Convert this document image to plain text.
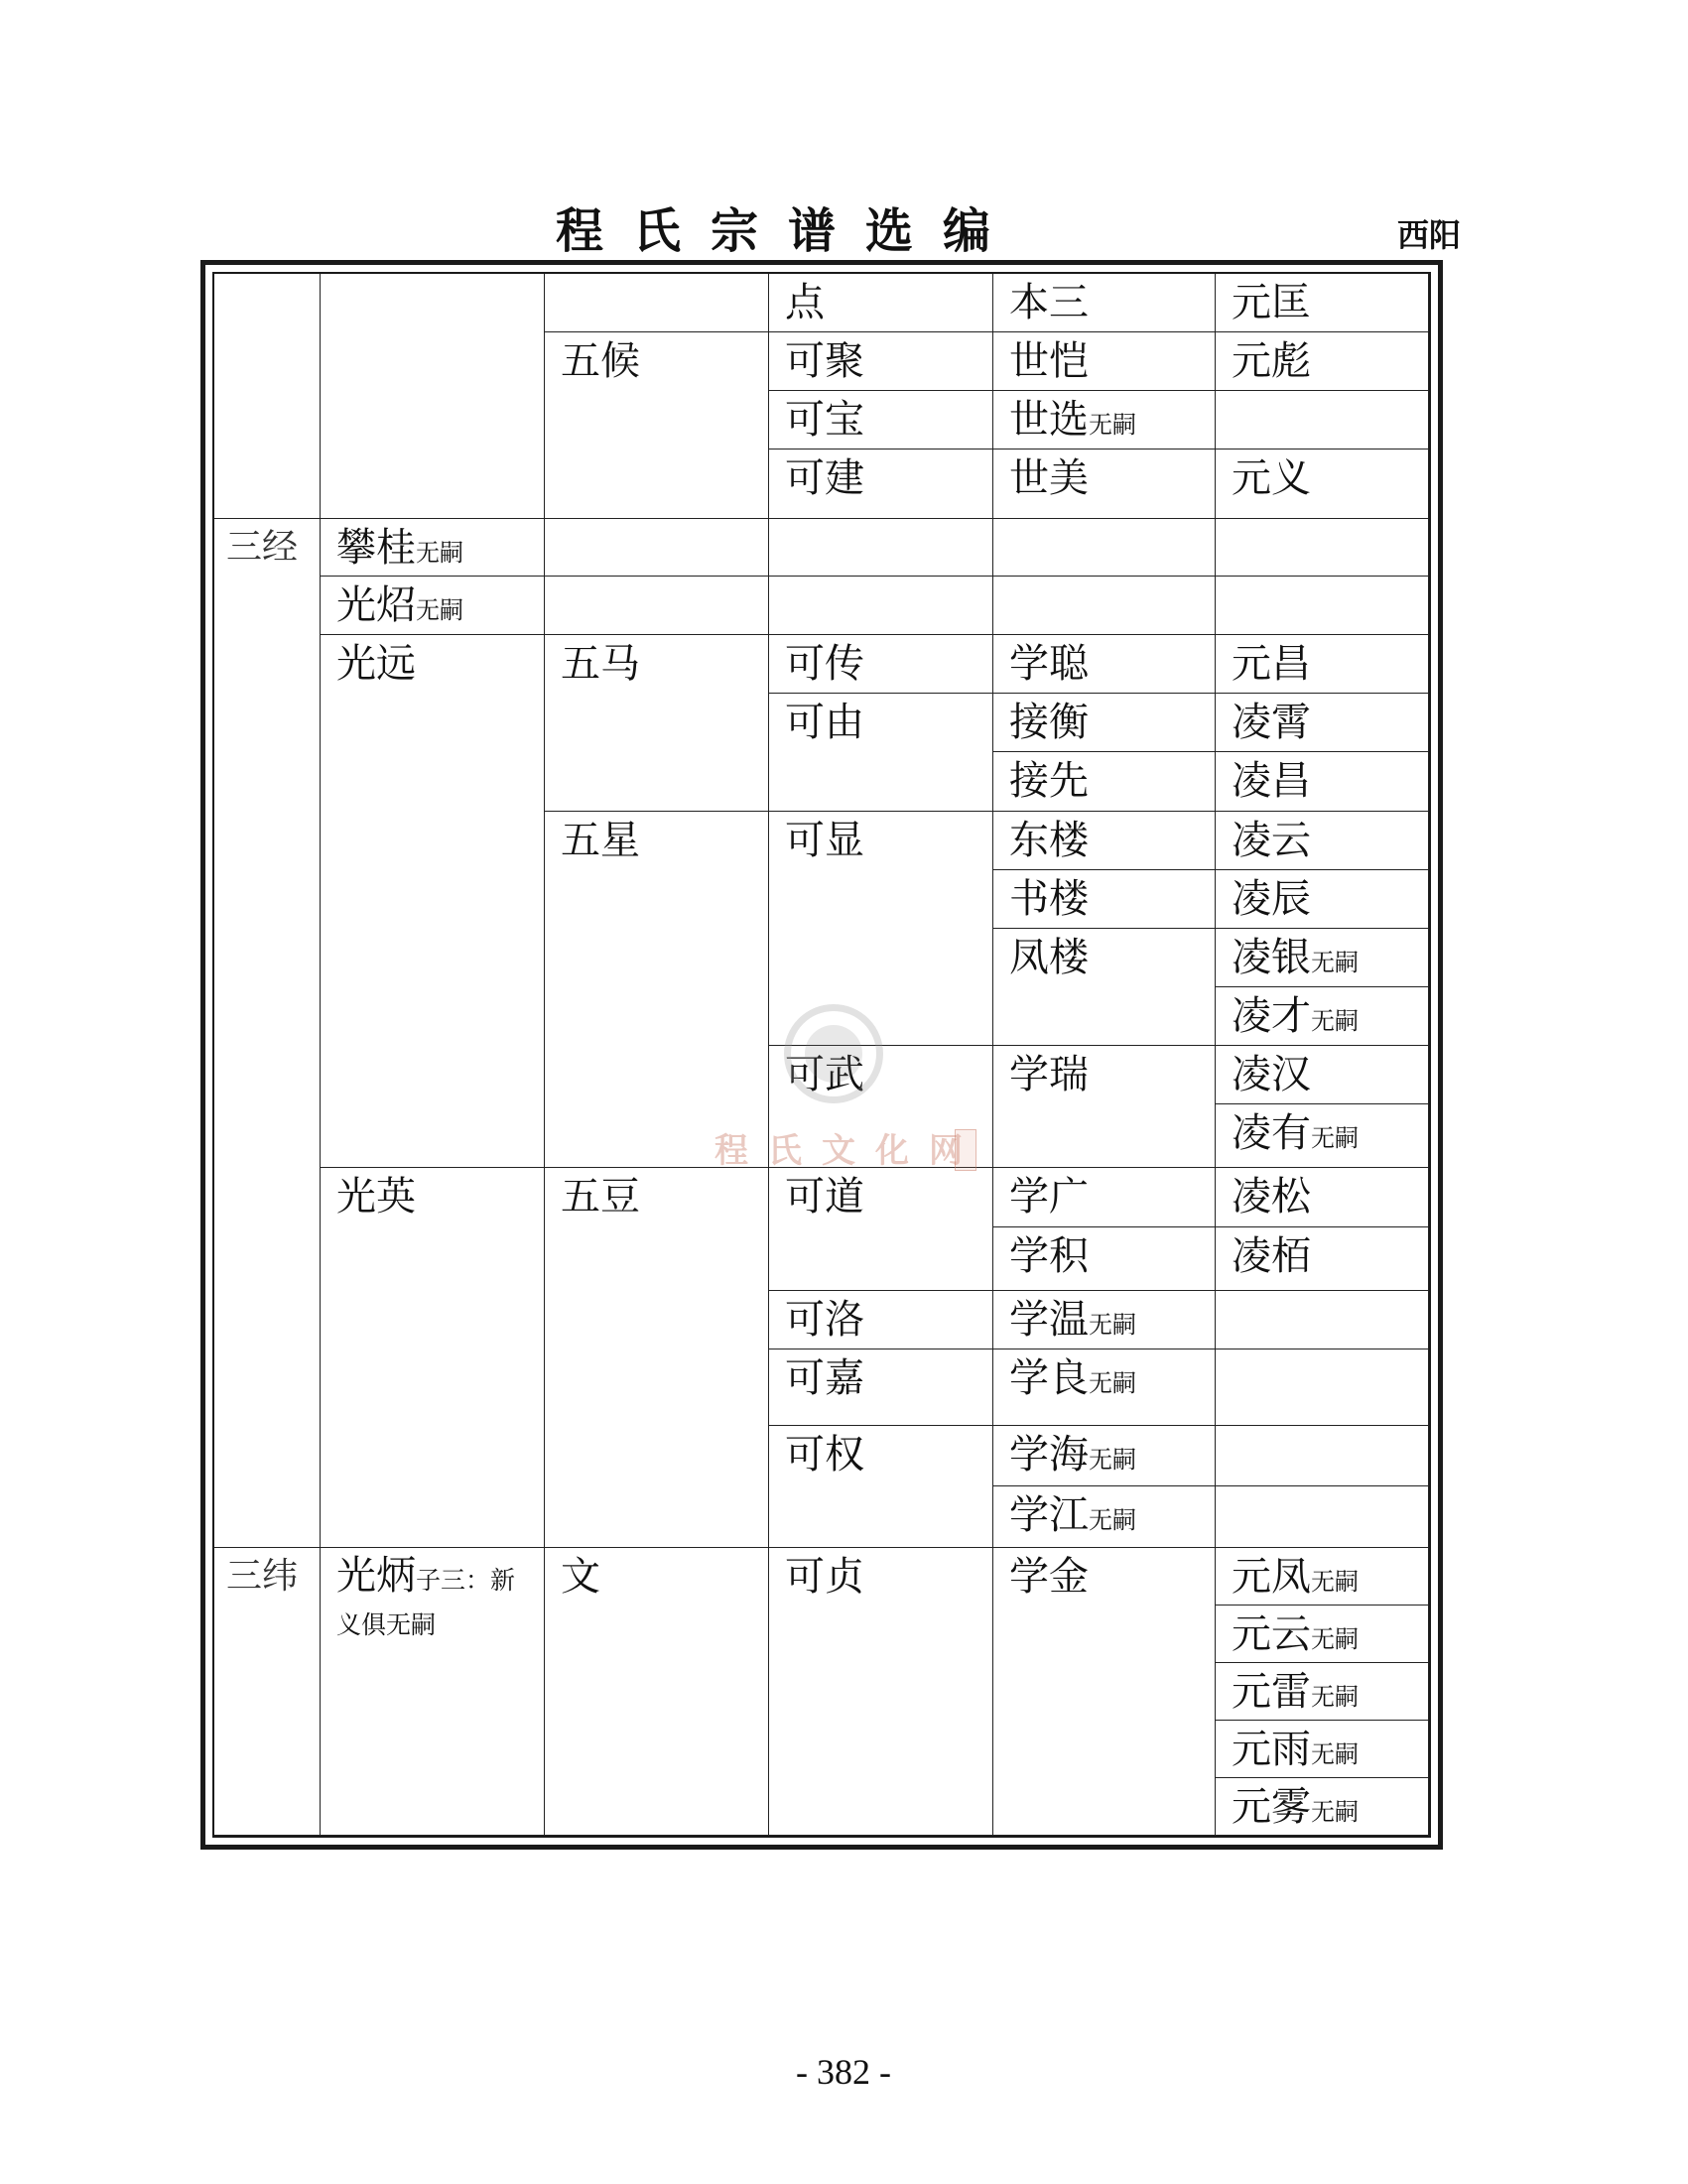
程氏宗谱选编	西阳
三经
三纬
攀桂无嗣
光炤无嗣
光远
光英
光炳子三：新义俱无嗣
五候
五马
五星
五豆
文
点
可聚
可宝
可建
可传
可由
可显
可武
可道
可洛
可嘉
可权
可贞
本三
世恺
世选无嗣
世美
学聪
接衡
接先
东楼
书楼
凤楼
学瑞
学广
学积
学温无嗣
学良无嗣
学海无嗣
学江无嗣
学金
元匡
元彪
元义
元昌
凌霄
凌昌
凌云
凌辰
凌银无嗣
凌才无嗣
凌汉
凌有无嗣
凌松
凌栢
元凤无嗣
元云无嗣
元雷无嗣
元雨无嗣
元雾无嗣
程氏文化网
- 382 -
